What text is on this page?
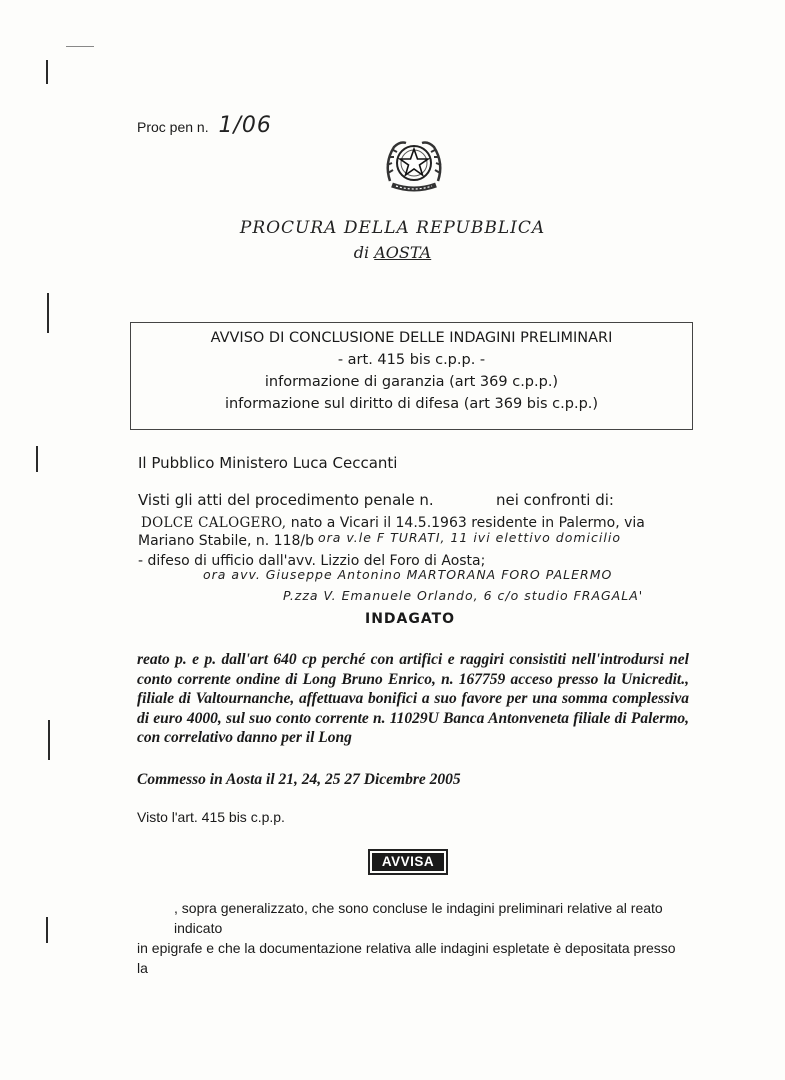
Proc pen n. 1/06
PROCURA DELLA REPUBBLICA
di AOSTA
AVVISO DI CONCLUSIONE DELLE INDAGINI PRELIMINARI
- art. 415 bis c.p.p. -
informazione di garanzia (art 369 c.p.p.)
informazione sul diritto di difesa (art 369 bis c.p.p.)
Il Pubblico Ministero Luca Ceccanti
Visti gli atti del procedimento penale n.	nei confronti di:
DOLCE CALOGERO, nato a Vicari il 14.5.1963 residente in Palermo, via
Mariano Stabile, n. 118/b
- difeso di ufficio dall'avv. Lizzio del Foro di Aosta;
ora v.le F TURATI, 11 ivi elettivo domicilio
ora avv. Giuseppe Antonino MARTORANA FORO PALERMO
P.zza V. Emanuele Orlando, 6 c/o studio FRAGALA'
INDAGATO
reato p. e p. dall'art 640 cp perché con artifici e raggiri consistiti nell'introdursi nel conto corrente ondine di Long Bruno Enrico, n. 167759 acceso presso la Unicredit., filiale di Valtournanche, affettuava bonifici a suo favore per una somma complessiva di euro 4000, sul suo conto corrente n. 11029U Banca Antonveneta filiale di Palermo, con correlativo danno per il Long
Commesso in Aosta il 21, 24, 25 27 Dicembre 2005
Visto l'art. 415 bis c.p.p.
AVVISA
, sopra generalizzato, che sono concluse le indagini preliminari relative al reato indicato
in epigrafe e che la documentazione relativa alle indagini espletate è depositata presso la
